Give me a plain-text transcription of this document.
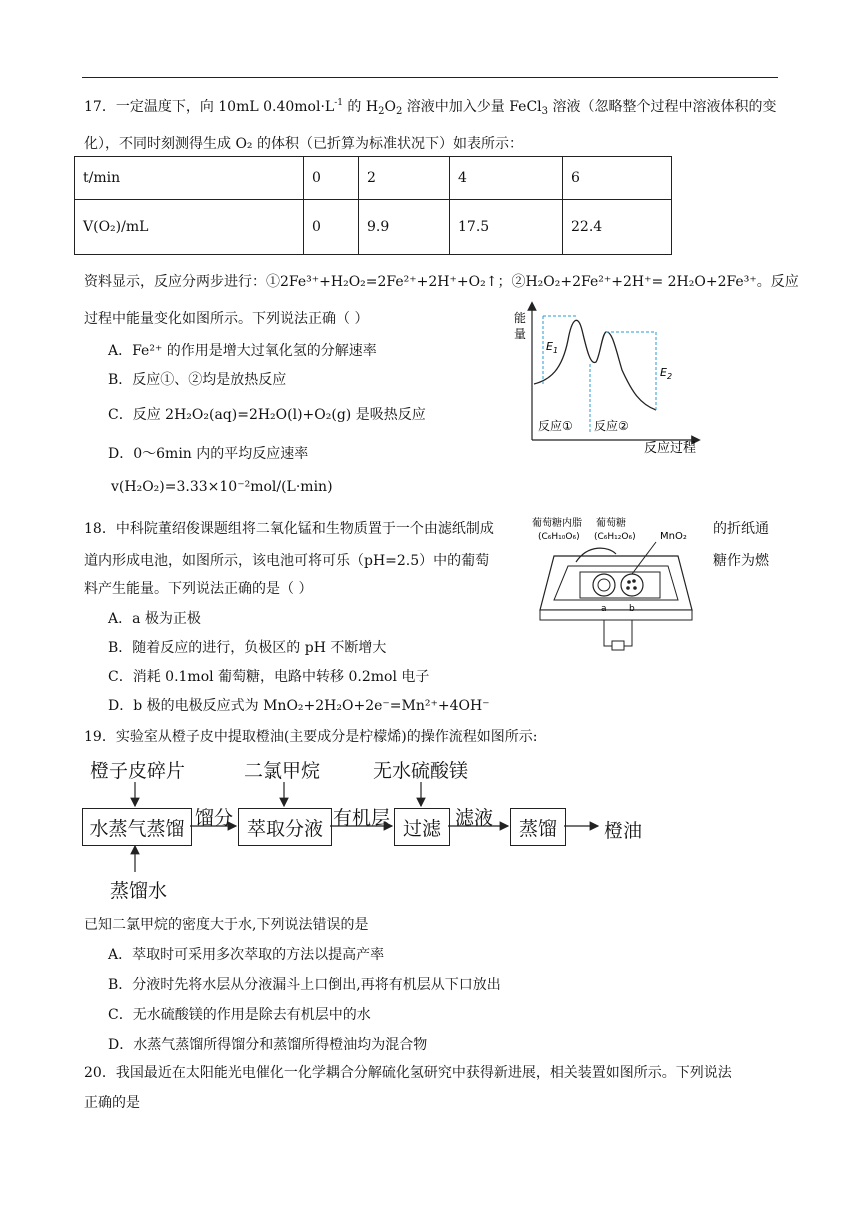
17．一定温度下，向 10mL $0.40mol\cdot L^{-1}$ 的 $H_2O_2$ 溶液中加入少量 FeCl$_3$ 溶液（忽略整个过程中溶液体积的变
化），不同时刻测得生成 O₂ 的体积（已折算为标准状况下）如表所示：
t/min	0	2	4	6
V(O₂)/mL	0	9.9	17.5	22.4
资料显示，反应分两步进行：①2Fe³⁺+H₂O₂=2Fe²⁺+2H⁺+O₂↑；②H₂O₂+2Fe²⁺+2H⁺= 2H₂O+2Fe³⁺。反应
过程中能量变化如图所示。下列说法正确（ ）
A．Fe²⁺ 的作用是增大过氧化氢的分解速率
B．反应①、②均是放热反应
C．反应 2H₂O₂(aq)=2H₂O(l)+O₂(g) 是吸热反应
D．0～6min 内的平均反应速率
v(H₂O₂)=3.33×10⁻²mol/(L·min)
能
量
$E_1$
$E_2$
反应① 反应②
反应过程
18．中科院董绍俊课题组将二氧化锰和生物质置于一个由滤纸制成	的折纸通
道内形成电池，如图所示，该电池可将可乐（pH=2.5）中的葡萄	糖作为燃
料产生能量。下列说法正确的是（ ）
A．a 极为正极
B．随着反应的进行，负极区的 pH 不断增大
C．消耗 0.1mol 葡萄糖，电路中转移 0.2mol 电子
D．b 极的电极反应式为 MnO₂+2H₂O+2e⁻=Mn²⁺+4OH⁻
葡萄糖内脂
(C₆H₁₀O₆)
葡萄糖
(C₆H₁₂O₆) MnO₂
a b
19．实验室从橙子皮中提取橙油(主要成分是柠檬烯)的操作流程如图所示:
橙子皮碎片	二氯甲烷	无水硫酸镁
水蒸气蒸馏	萃取分液	过滤	蒸馏
馏分	有机层	滤液
橙油
蒸馏水
已知二氯甲烷的密度大于水,下列说法错误的是
A．萃取时可采用多次萃取的方法以提高产率
B．分液时先将水层从分液漏斗上口倒出,再将有机层从下口放出
C．无水硫酸镁的作用是除去有机层中的水
D．水蒸气蒸馏所得馏分和蒸馏所得橙油均为混合物
20．我国最近在太阳能光电催化一化学耦合分解硫化氢研究中获得新进展，相关装置如图所示。下列说法
正确的是
